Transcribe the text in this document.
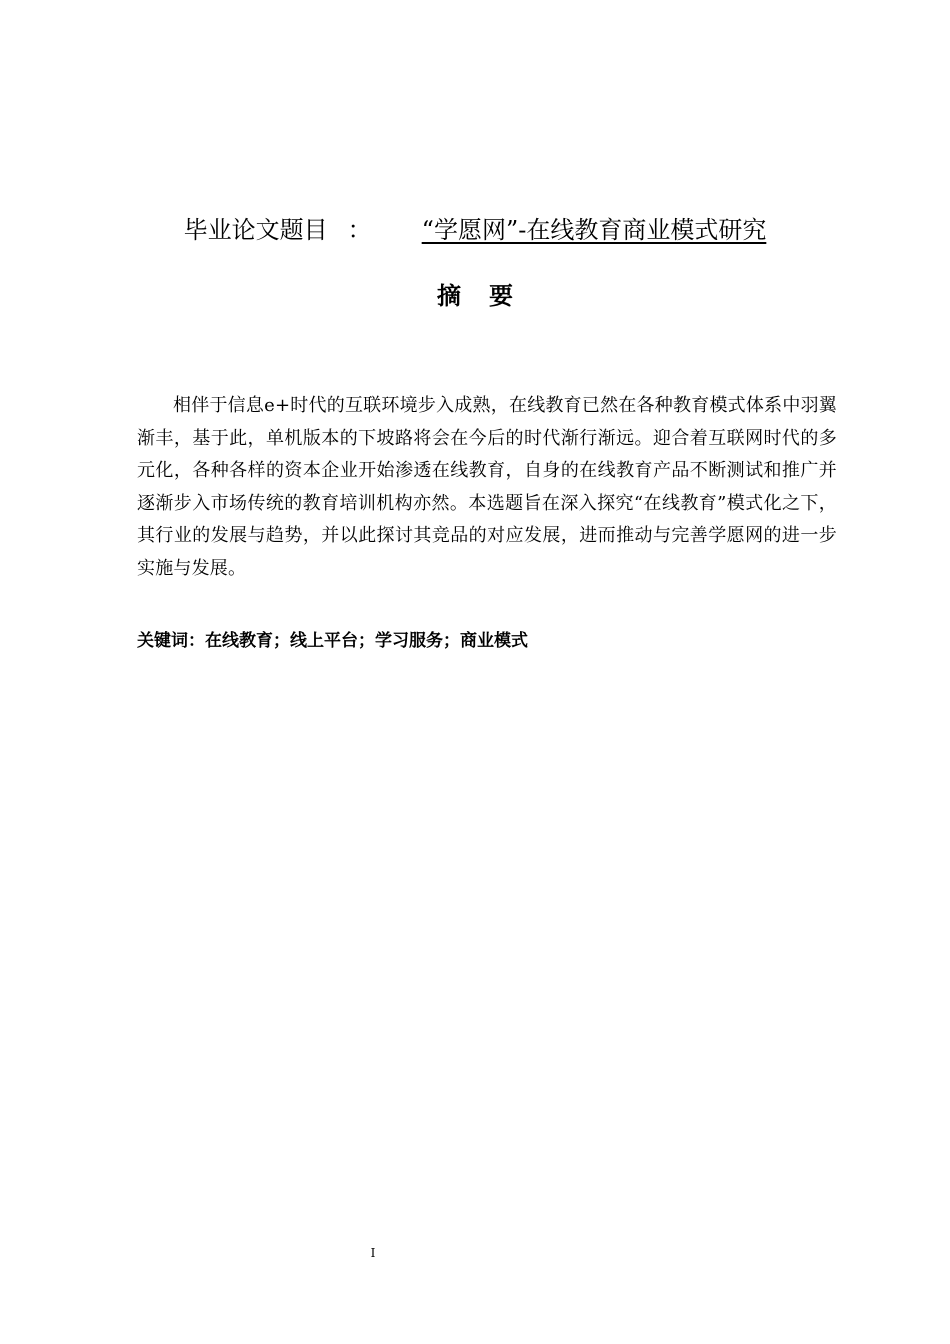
毕业论文题目 ： “学愿网”-在线教育商业模式研究
摘要

相伴于信息e+时代的互联环境步入成熟，在线教育已然在各种教育模式体系中羽翼渐丰，基于此，单机版本的下坡路将会在今后的时代渐行渐远。迎合着互联网时代的多元化，各种各样的资本企业开始渗透在线教育，自身的在线教育产品不断测试和推广并逐渐步入市场传统的教育培训机构亦然。本选题旨在深入探究“在线教育”模式化之下，其行业的发展与趋势，并以此探讨其竞品的对应发展，进而推动与完善学愿网的进一步实施与发展。

关键词：在线教育；线上平台；学习服务；商业模式
I
